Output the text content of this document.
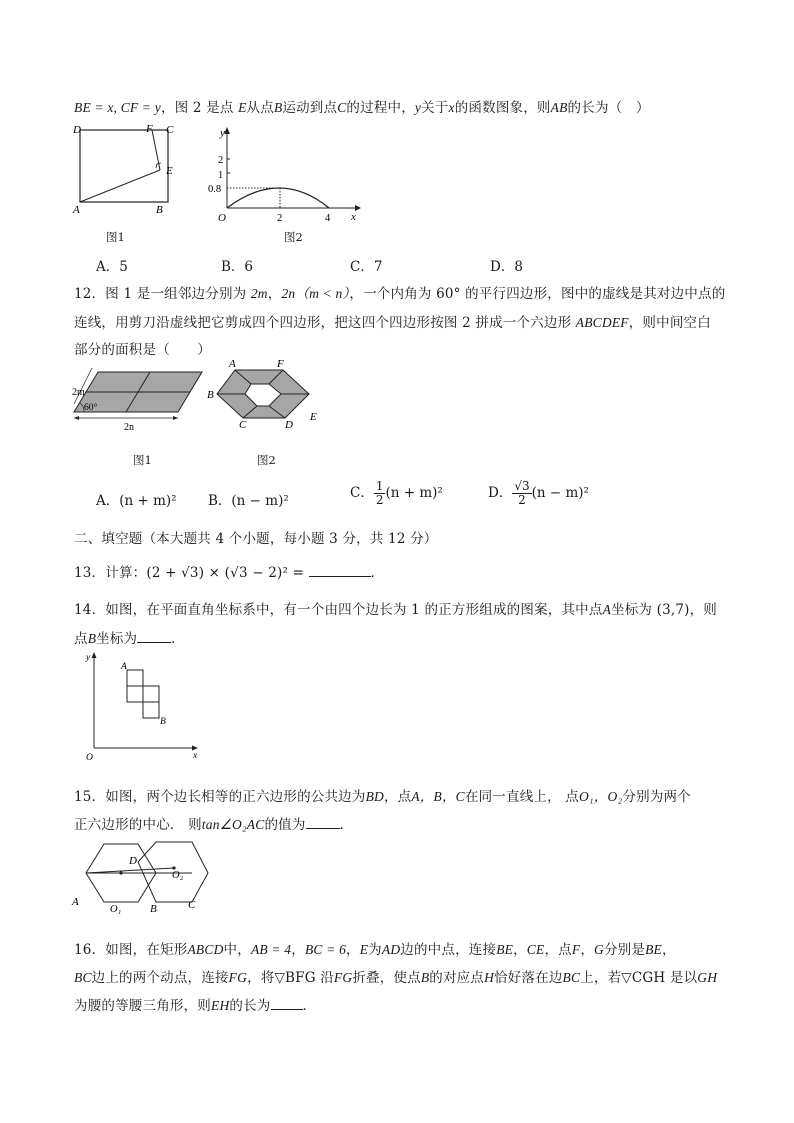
BE = x, CF = y，图 2 是点 E从点B运动到点C的过程中，y关于x的函数图象，则AB的长为（　）
D	F C
E
A	B
图1
y
x
O
2
1
0.8
2	4
图2
A．5	B．6	C．7	D．8
12．图 1 是一组邻边分别为 2m，2n（m < n），一个内角为 60° 的平行四边形，图中的虚线是其对边中点的
连线，用剪刀沿虚线把它剪成四个四边形，把这四个四边形按图 2 拼成一个六边形 ABCDEF，则中间空白
部分的面积是（　　）
2m
60°
2n
图1
A	F
B
E
C	D
图2
A．(n + m)² B．(n − m)²	C． $\frac{1}{2} (n + m)^2$	D． $\frac{√3}{2} (n - m)^2$
二、填空题（本大题共 4 个小题，每小题 3 分，共 12 分）
13．计算：(2 + √3) × (√3 − 2)² =	．
14．如图，在平面直角坐标系中，有一个由四个边长为 1 的正方形组成的图案，其中点A坐标为 (3,7)，则
点B坐标为	．
y
x
O
A
B
15．如图，两个边长相等的正六边形的公共边为BD，点A，B，C在同一直线上， 点O₁，O₂分别为两个
正六边形的中心． 则tan∠O₂AC的值为	．
D
O₂
A
O₁	B	C
16．如图，在矩形ABCD中，AB = 4，BC = 6，E为AD边的中点，连接BE，CE，点F，G分别是BE，
BC边上的两个动点，连接FG，将▽BFG 沿FG折叠，使点B的对应点H恰好落在边BC上，若▽CGH 是以GH
为腰的等腰三角形，则EH的长为 ．
